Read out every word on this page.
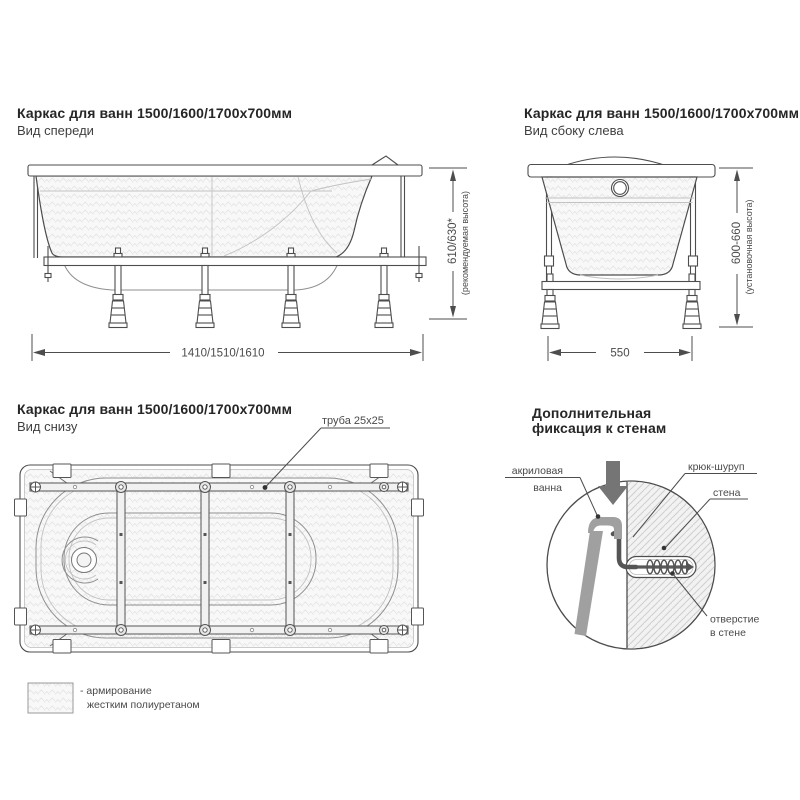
Каркас для ванн 1500/1600/1700x700мм
Вид спереди
Каркас для ванн 1500/1600/1700x700мм
Вид сбоку слева
Каркас для ванн 1500/1600/1700x700мм
Вид снизу
Дополнительная
фиксация к стенам
1410/1510/1610
610/630* (рекомендуемая высота)
550
600-660 (установочная высота)
труба 25x25
акриловая
ванна
крюк-шуруп
стена
отверстие
в стене
- армирование
жестким полиуретаном
